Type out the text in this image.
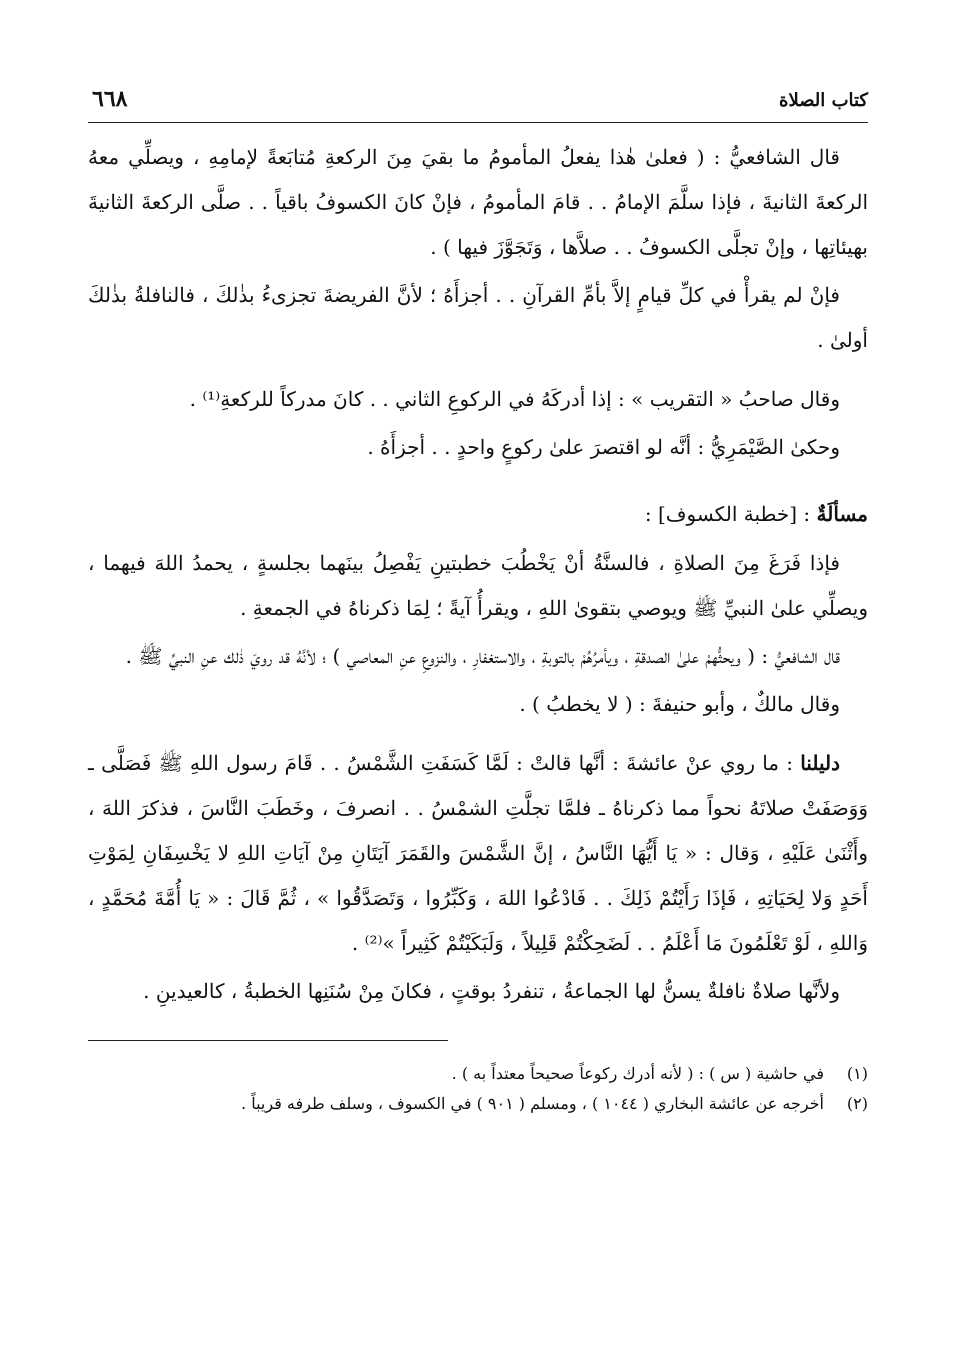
كتاب الصلاة
٦٦٨

قال الشافعيُّ : ( فعلىٰ هٰذا يفعلُ المأمومُ ما بقيَ مِنَ الركعةِ مُتابَعةً لإمامِهِ ، ويصلِّي معهُ الركعةَ الثانيةَ ، فإذا سلَّمَ الإمامُ . . قامَ المأمومُ ، فإنْ كانَ الكسوفُ باقياً . . صلَّى الركعةَ الثانيةَ بهيئاتِها ، وإنْ تجلَّى الكسوفُ . . صلاَّها ، وَتَجَوَّزَ فيها ) .

فإنْ لم يقرأْ في كلِّ قيامٍ إلاَّ بأمِّ القرآنِ . . أجزأَهُ ؛ لأنَّ الفريضةَ تجزىءُ بذٰلكَ ، فالنافلةُ بذٰلكَ أولىٰ .

وقال صاحبُ « التقريب » : إذا أدركَهُ في الركوعِ الثاني . . كانَ مدركاً للركعةِ⁽¹⁾ .

وحكىٰ الصَّيْمَرِيُّ : أنَّه لو اقتصرَ علىٰ ركوعٍ واحدٍ . . أجزأَهُ .

مسألَةٌ : [خطبة الكسوف] :

فإذا فَرَغَ مِنَ الصلاةِ ، فالسنَّةُ أنْ يَخْطُبَ خطبتينِ يَفْصِلُ بينَهما بجلسةٍ ، يحمدُ اللهَ فيهما ، ويصلِّي علىٰ النبيِّ ﷺ ويوصي بتقوىٰ اللهِ ، ويقرأُ آيةً ؛ لِمَا ذكرناهُ في الجمعةِ .

قال الشافعيُّ : ( ويحثُّهمْ علىٰ الصدقةِ ، ويأمرُهُمْ بالتوبةِ ، والاستغفارِ ، والنزوعِ عنِ المعاصي ) ؛ لأنَّهُ قد رويَ ذٰلك عنِ النبيِّ ﷺ .

وقال مالكٌ ، وأبو حنيفةَ : ( لا يخطبُ ) .

دليلنا : ما روي عنْ عائشةَ : أنَّها قالتْ : لَمَّا كَسَفَتِ الشَّمْسُ . . قَامَ رسول اللهِ ﷺ فَصَلَّى ـ وَوَصَفَتْ صلاتَهُ نحواً مما ذكرناهُ ـ فلمَّا تجلَّتِ الشمْسُ . . انصرفَ ، وخَطَبَ النَّاسَ ، فذكرَ اللهَ ، وأَثْنَىٰ عَلَيْهِ ، وَقال : « يَا أَيُّهَا النَّاسُ ، إنَّ الشَّمْسَ والقَمَرَ آيَتَانِ مِنْ آيَاتِ اللهِ لا يَخْسِفَانِ لِمَوْتِ أَحَدٍ وَلا لِحَيَاتِهِ ، فَإذَا رَأَيْتُمْ ذَلِكَ . . فَادْعُوا اللهَ ، وَكَبِّرُوا ، وَتَصَدَّقُوا » ، ثُمَّ قَالَ : « يَا أُمَّةَ مُحَمَّدٍ ، وَاللهِ ، لَوْ تَعْلَمُونَ مَا أَعْلَمُ . . لَضَحِكْتُمْ قَلِيلاً ، وَلَبَكَيْتُمْ كَثِيراً »⁽²⁾ .

ولأنَّها صلاةٌ نافلةٌ يسنُّ لها الجماعةُ ، تنفردُ بوقتٍ ، فكانَ مِنْ سُنَنِها الخطبةُ ، كالعيدينِ .

(١)
في حاشية ( س ) : ( لأنه أدرك ركوعاً صحيحاً معتداً به ) .
(٢)
أخرجه عن عائشة البخاري ( ١٠٤٤ ) ، ومسلم ( ٩٠١ ) في الكسوف ، وسلف طرفه قريباً .
